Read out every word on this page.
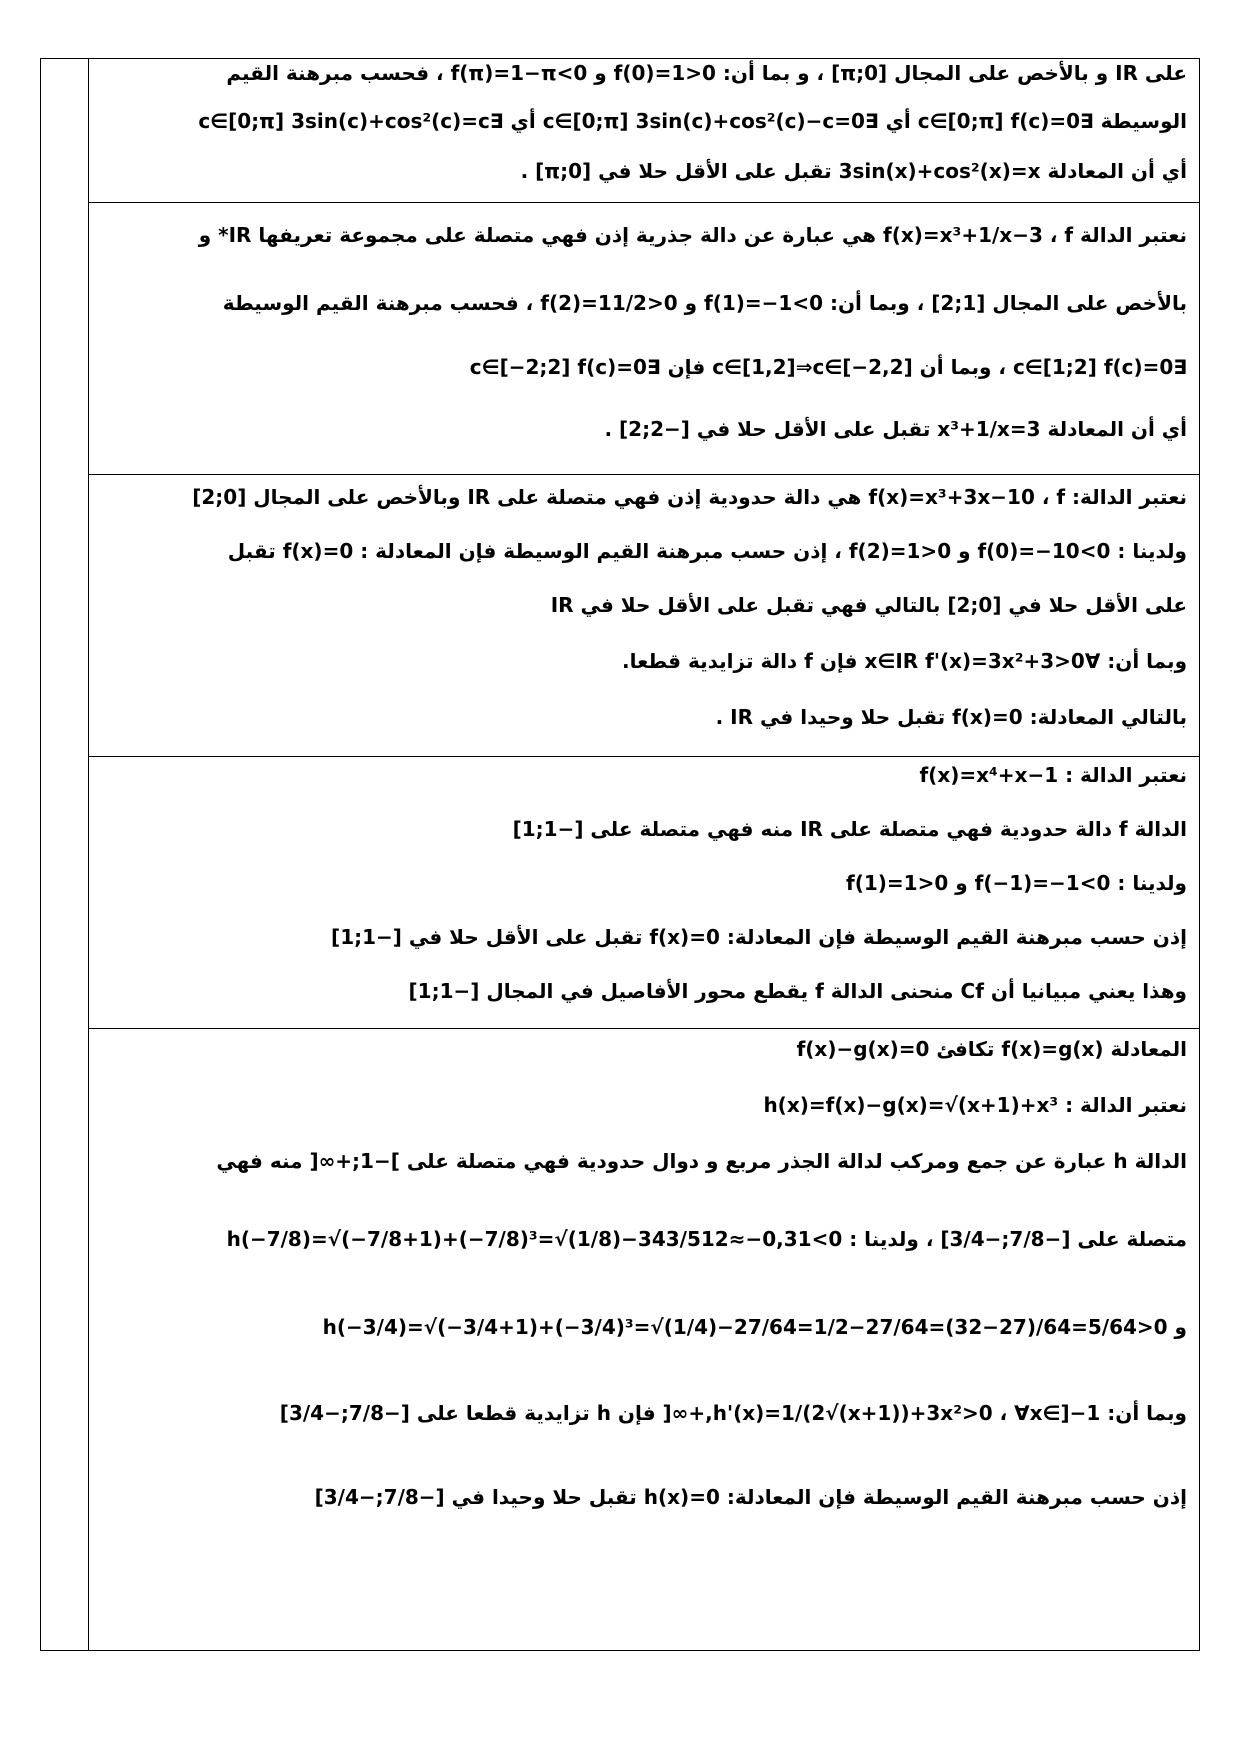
على IR و بالأخص على المجال [0;π] ، و بما أن: f(0)=1>0 و f(π)=1−π<0 ، فحسب مبرهنة القيم
الوسيطة ∃c∈[0;π] f(c)=0 أي ∃c∈[0;π] 3sin(c)+cos²(c)−c=0 أي ∃c∈[0;π] 3sin(c)+cos²(c)=c
أي أن المعادلة 3sin(x)+cos²(x)=x تقبل على الأقل حلا في [0;π] .
نعتبر الدالة f(x)=x³+1/x−3 ، f هي عبارة عن دالة جذرية إذن فهي متصلة على مجموعة تعريفها IR* و
بالأخص على المجال [1;2] ، وبما أن: f(1)=−1<0 و f(2)=11/2>0 ، فحسب مبرهنة القيم الوسيطة
∃c∈[1;2] f(c)=0 ، وبما أن c∈[1,2]⇒c∈[−2,2] فإن ∃c∈[−2;2] f(c)=0
أي أن المعادلة x³+1/x=3 تقبل على الأقل حلا في [−2;2] .
نعتبر الدالة: f(x)=x³+3x−10 ، f هي دالة حدودية إذن فهي متصلة على IR وبالأخص على المجال [0;2]
ولدينا : f(0)=−10<0 و f(2)=1>0 ، إذن حسب مبرهنة القيم الوسيطة فإن المعادلة : f(x)=0 تقبل
على الأقل حلا في [0;2] بالتالي فهي تقبل على الأقل حلا في IR
وبما أن: ∀x∈IR f'(x)=3x²+3>0 فإن f دالة تزايدية قطعا.
بالتالي المعادلة: f(x)=0 تقبل حلا وحيدا في IR .
نعتبر الدالة : f(x)=x⁴+x−1
الدالة f دالة حدودية فهي متصلة على IR منه فهي متصلة على [−1;1]
ولدينا : f(−1)=−1<0 و f(1)=1>0
إذن حسب مبرهنة القيم الوسيطة فإن المعادلة: f(x)=0 تقبل على الأقل حلا في [−1;1]
وهذا يعني مبيانيا أن Cf منحنى الدالة f يقطع محور الأفاصيل في المجال [−1;1]
المعادلة f(x)=g(x) تكافئ f(x)−g(x)=0
نعتبر الدالة : h(x)=f(x)−g(x)=√(x+1)+x³
الدالة h عبارة عن جمع ومركب لدالة الجذر مربع و دوال حدودية فهي متصلة على ]−1;+∞[ منه فهي
متصلة على [−7/8;−3/4] ، ولدينا : h(−7/8)=√(−7/8+1)+(−7/8)³=√(1/8)−343/512≈−0,31<0
و h(−3/4)=√(−3/4+1)+(−3/4)³=√(1/4)−27/64=1/2−27/64=(32−27)/64=5/64>0
وبما أن: h'(x)=1/(2√(x+1))+3x²>0 ، ∀x∈]−1,+∞[ فإن h تزايدية قطعا على [−7/8;−3/4]
إذن حسب مبرهنة القيم الوسيطة فإن المعادلة: h(x)=0 تقبل حلا وحيدا في [−7/8;−3/4]
